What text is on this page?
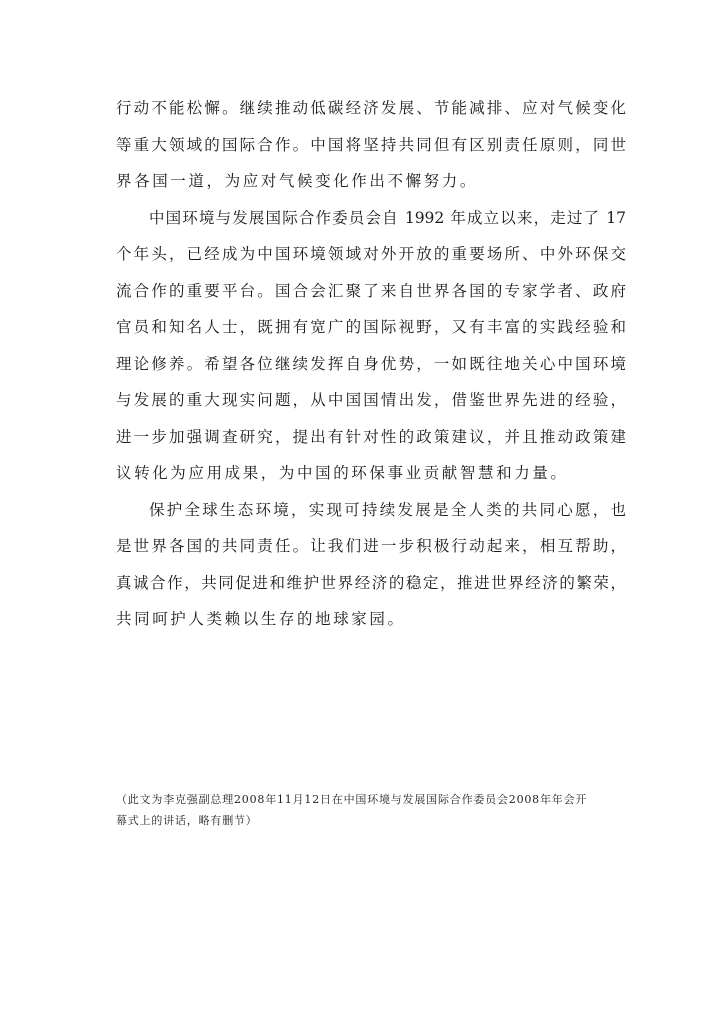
行动不能松懈。继续推动低碳经济发展、节能减排、应对气候变化
等重大领域的国际合作。中国将坚持共同但有区别责任原则，同世
界各国一道，为应对气候变化作出不懈努力。
中国环境与发展国际合作委员会自 1992 年成立以来，走过了 17
个年头，已经成为中国环境领域对外开放的重要场所、中外环保交
流合作的重要平台。国合会汇聚了来自世界各国的专家学者、政府
官员和知名人士，既拥有宽广的国际视野，又有丰富的实践经验和
理论修养。希望各位继续发挥自身优势，一如既往地关心中国环境
与发展的重大现实问题，从中国国情出发，借鉴世界先进的经验，
进一步加强调查研究，提出有针对性的政策建议，并且推动政策建
议转化为应用成果，为中国的环保事业贡献智慧和力量。
保护全球生态环境，实现可持续发展是全人类的共同心愿，也
是世界各国的共同责任。让我们进一步积极行动起来，相互帮助，
真诚合作，共同促进和维护世界经济的稳定，推进世界经济的繁荣，
共同呵护人类赖以生存的地球家园。
（此文为李克强副总理2008年11月12日在中国环境与发展国际合作委员会2008年年会开
幕式上的讲话，略有删节）
